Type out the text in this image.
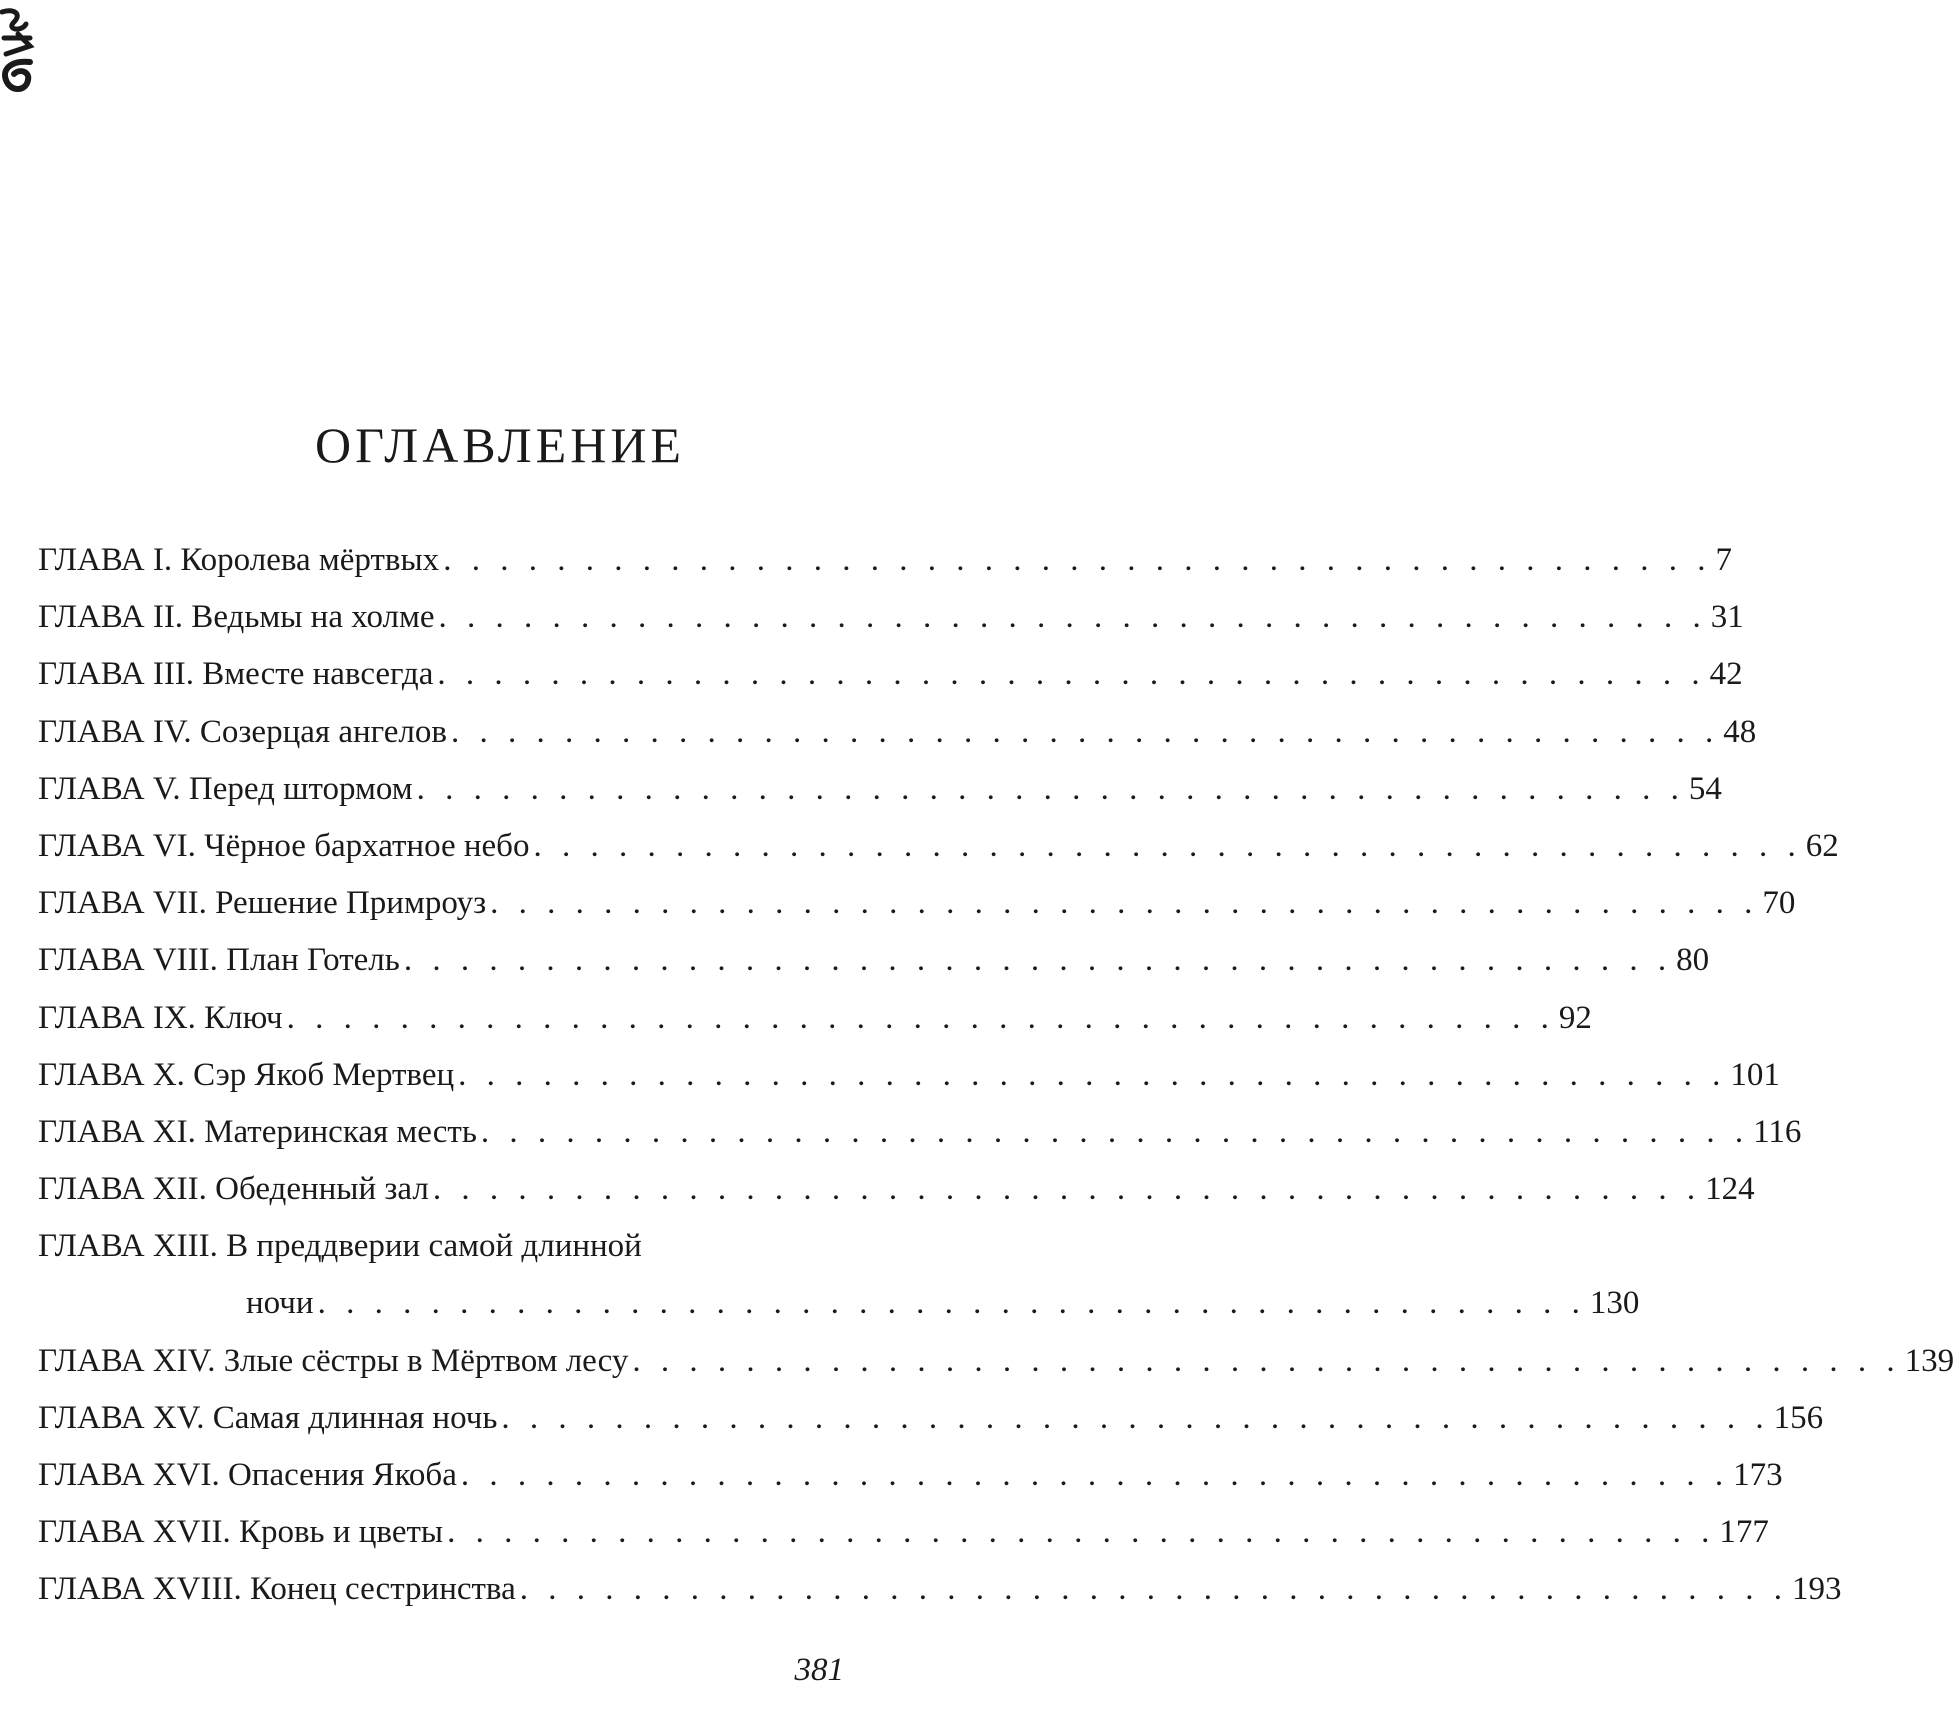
ОГЛАВЛЕНИЕ
ГЛАВА I. Королева мёртвых . . . . . . . . . . . . . . . . . . . . . . . . . . . . . . . . . . . . . . . . . . . . . 7
ГЛАВА II. Ведьмы на холме . . . . . . . . . . . . . . . . . . . . . . . . . . . . . . . . . . . . . . . . . . . . . 31
ГЛАВА III. Вместе навсегда . . . . . . . . . . . . . . . . . . . . . . . . . . . . . . . . . . . . . . . . . . . . . 42
ГЛАВА IV. Созерцая ангелов . . . . . . . . . . . . . . . . . . . . . . . . . . . . . . . . . . . . . . . . . . . . . 48
ГЛАВА V. Перед штормом . . . . . . . . . . . . . . . . . . . . . . . . . . . . . . . . . . . . . . . . . . . . . 54
ГЛАВА VI. Чёрное бархатное небо . . . . . . . . . . . . . . . . . . . . . . . . . . . . . . . . . . . . . . . . . . . . . 62
ГЛАВА VII. Решение Примроуз . . . . . . . . . . . . . . . . . . . . . . . . . . . . . . . . . . . . . . . . . . . . . 70
ГЛАВА VIII. План Готель . . . . . . . . . . . . . . . . . . . . . . . . . . . . . . . . . . . . . . . . . . . . . 80
ГЛАВА IX. Ключ . . . . . . . . . . . . . . . . . . . . . . . . . . . . . . . . . . . . . . . . . . . . . 92
ГЛАВА X. Сэр Якоб Мертвец . . . . . . . . . . . . . . . . . . . . . . . . . . . . . . . . . . . . . . . . . . . . . 101
ГЛАВА XI. Материнская месть . . . . . . . . . . . . . . . . . . . . . . . . . . . . . . . . . . . . . . . . . . . . . 116
ГЛАВА XII. Обеденный зал . . . . . . . . . . . . . . . . . . . . . . . . . . . . . . . . . . . . . . . . . . . . . 124
ГЛАВА XIII. В преддверии самой длинной
ночи . . . . . . . . . . . . . . . . . . . . . . . . . . . . . . . . . . . . . . . . . . . . . 130
ГЛАВА XIV. Злые сёстры в Мёртвом лесу . . . . . . . . . . . . . . . . . . . . . . . . . . . . . . . . . . . . . . . . . . . . . 139
ГЛАВА XV. Самая длинная ночь . . . . . . . . . . . . . . . . . . . . . . . . . . . . . . . . . . . . . . . . . . . . . 156
ГЛАВА XVI. Опасения Якоба . . . . . . . . . . . . . . . . . . . . . . . . . . . . . . . . . . . . . . . . . . . . . 173
ГЛАВА XVII. Кровь и цветы . . . . . . . . . . . . . . . . . . . . . . . . . . . . . . . . . . . . . . . . . . . . . 177
ГЛАВА XVIII. Конец сестринства . . . . . . . . . . . . . . . . . . . . . . . . . . . . . . . . . . . . . . . . . . . . . 193

381
